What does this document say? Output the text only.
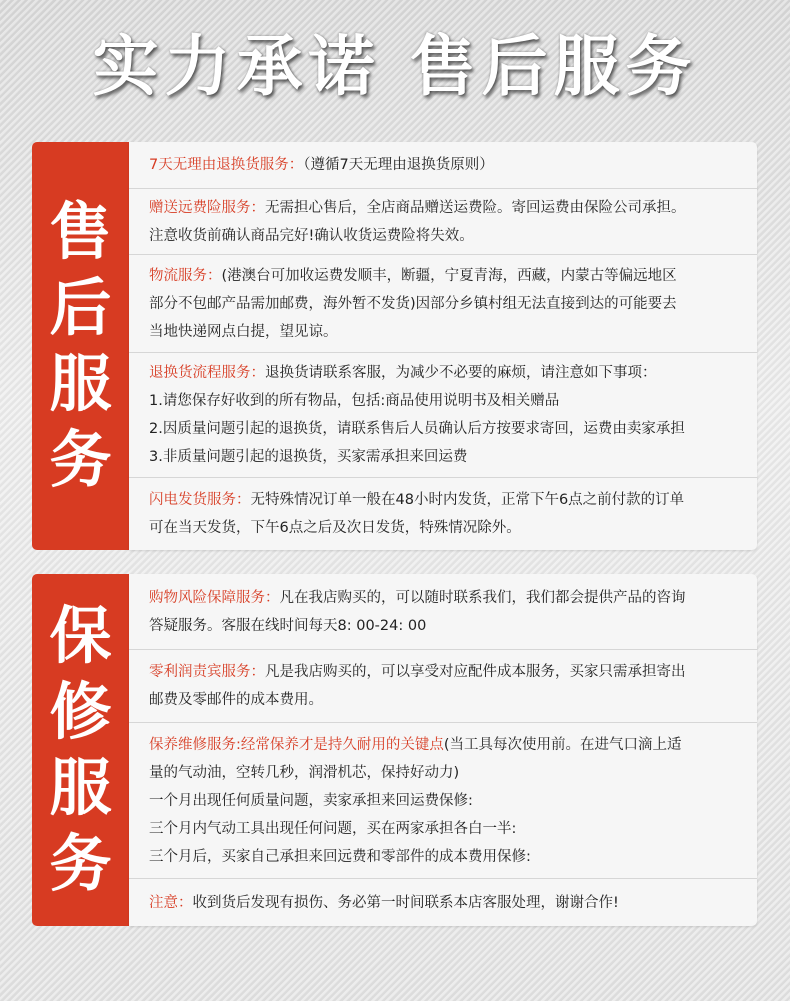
实力承诺 售后服务
售
后
服
务

7天无理由退换货服务：（遵循7天无理由退换货原则）

赠送远费险服务：无需担心售后，全店商品赠送运费险。寄回运费由保险公司承担。

注意收货前确认商品完好!确认收货运费险将失效。

物流服务：(港澳台可加收运费发顺丰，断疆，宁夏青海，西藏，内蒙古等偏远地区

部分不包邮产品需加邮费，海外暂不发货)因部分乡镇村组无法直接到达的可能要去

当地快递网点白提，望见谅。

退换货流程服务：退换货请联系客服，为减少不必要的麻烦，请注意如下事项：

1.请您保存好收到的所有物品，包括:商品使用说明书及相关赠品

2.因质量问题引起的退换货，请联系售后人员确认后方按要求寄回，运费由卖家承担

3.非质量问题引起的退换货，买家需承担来回运费

闪电发货服务：无特殊情况订单一般在48小时内发货，正常下午6点之前付款的订单

可在当天发货，下午6点之后及次日发货，特殊情况除外。

保
修
服
务

购物风险保障服务：凡在我店购买的，可以随时联系我们，我们都会提供产品的咨询

答疑服务。客服在线时间每天8: 00-24: 00

零利润责宾服务：凡是我店购买的，可以享受对应配件成本服务，买家只需承担寄出

邮费及零邮件的成本费用。

保养维修服务:经常保养才是持久耐用的关键点(当工具每次使用前。在进气口滴上适

量的气动油，空转几秒，润滑机芯，保持好动力)

一个月出现任何质量问题，卖家承担来回运费保修:

三个月内气动工具出现任何问题，买在两家承担各白一半:

三个月后，买家自己承担来回远费和零部件的成本费用保修:

注意：收到货后发现有损伤、务必第一时间联系本店客服处理，谢谢合作!
